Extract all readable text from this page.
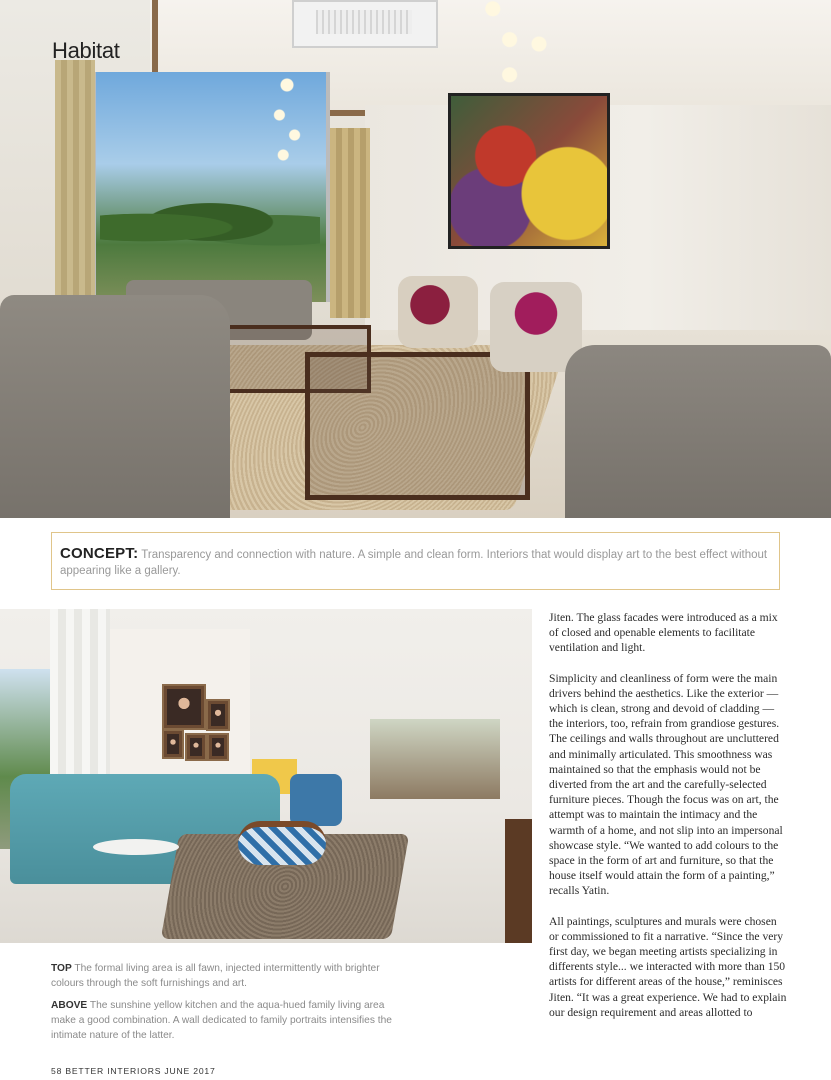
Habitat
CONCEPT: Transparency and connection with nature. A simple and clean form. Interiors that would display art to the best effect without appearing like a gallery.

TOP The formal living area is all fawn, injected intermittently with brighter colours through the soft furnishings and art.

ABOVE The sunshine yellow kitchen and the aqua-hued family living area make a good combination. A wall dedicated to family portraits intensifies the intimate nature of the latter.

Jiten. The glass facades were introduced as a mix of closed and openable elements to facilitate ventilation and light.

Simplicity and cleanliness of form were the main drivers behind the aesthetics. Like the exterior — which is clean, strong and devoid of cladding — the interiors, too, refrain from grandiose gestures. The ceilings and walls throughout are uncluttered and minimally articulated. This smoothness was maintained so that the emphasis would not be diverted from the art and the carefully-selected furniture pieces. Though the focus was on art, the attempt was to maintain the intimacy and the warmth of a home, and not slip into an impersonal showcase style. “We wanted to add colours to the space in the form of art and furniture, so that the house itself would attain the form of a painting,” recalls Yatin.

All paintings, sculptures and murals were chosen or commissioned to fit a narrative. “Since the very first day, we began meeting artists specializing in differents style... we interacted with more than 150 artists for different areas of the house,” reminisces Jiten. “It was a great experience. We had to explain our design requirement and areas allotted to

58 BETTER INTERIORS JUNE 2017
